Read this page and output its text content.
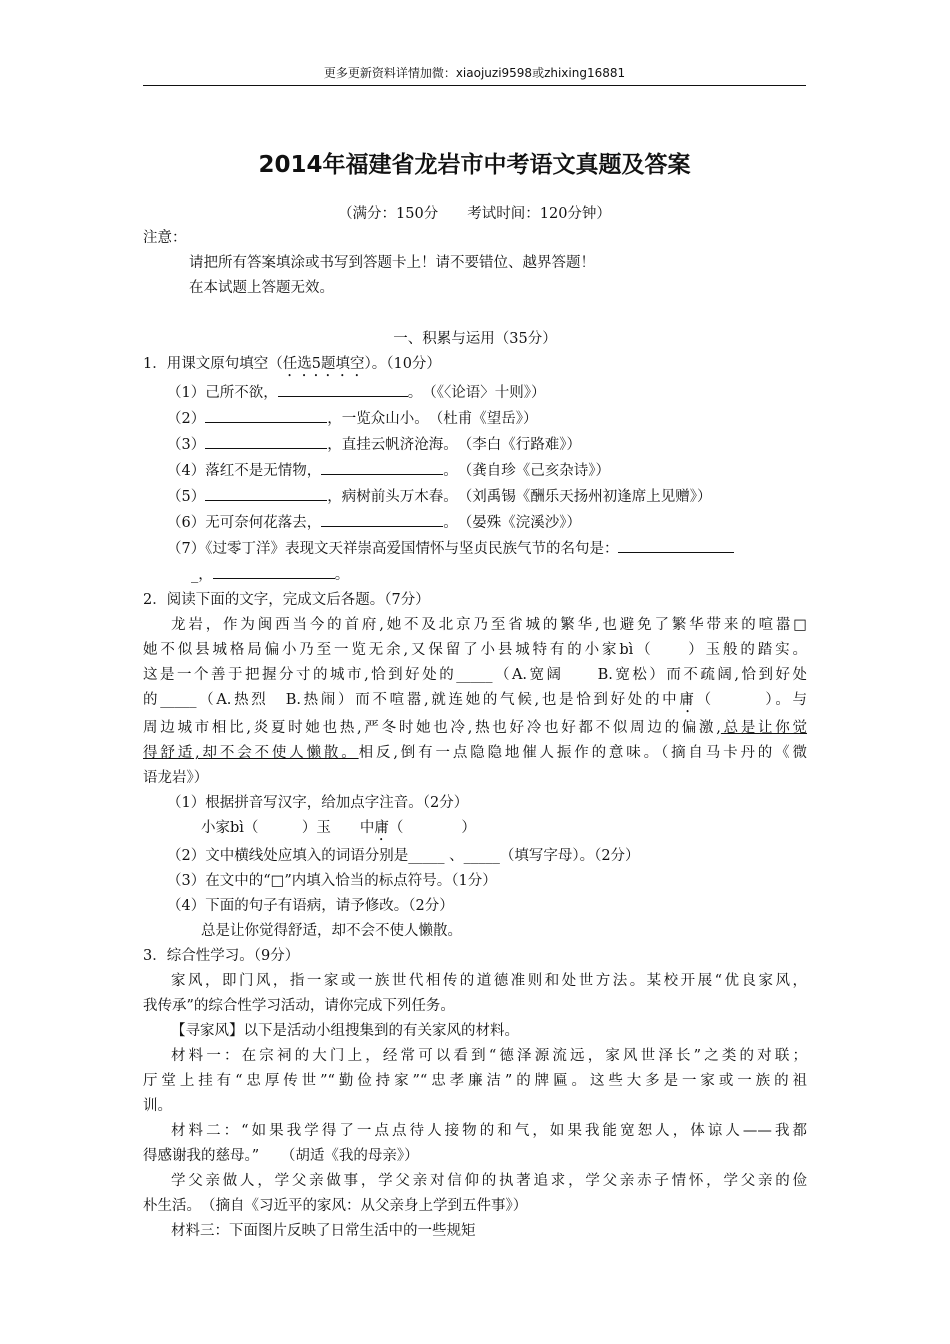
更多更新资料详情加微：xiaojuzi9598或zhixing16881
2014年福建省龙岩市中考语文真题及答案
（满分：150分　　考试时间：120分钟）

注意：

请把所有答案填涂或书写到答题卡上！请不要错位、越界答题！

在本试题上答题无效。

一、积累与运用（35分）

1．用课文原句填空（任选5题填空）。（10分）

（1）己所不欲，	。　（《〈论语〉十则》）

（2）	，一览众山小。　（杜甫《望岳》）

（3）	，直挂云帆济沧海。　（李白《行路难》）

（4）落红不是无情物，	。　（龚自珍《己亥杂诗》）

（5）	，病树前头万木春。　（刘禹锡《酬乐天扬州初逢席上见赠》）

（6）无可奈何花落去，	。　（晏殊《浣溪沙》）

（7）《过零丁洋》表现文天祥崇高爱国情怀与坚贞民族气节的名句是：

_，	。

2．阅读下面的文字，完成文后各题。（7分）

龙岩，作为闽西当今的首府,她不及北京乃至省城的繁华,也避免了繁华带来的喧嚣□

她不似县城格局偏小乃至一览无余,又保留了小县城特有的小家bì（　　）玉般的踏实。

这是一个善于把握分寸的城市,恰到好处的_____（A.宽阔　　B.宽松）而不疏阔,恰到好处

的_____（A.热烈　B.热闹）而不喧嚣,就连她的气候,也是恰到好处的中庸（　　　）。与

周边城市相比,炎夏时她也热,严冬时她也冷,热也好冷也好都不似周边的偏激,总是让你觉

得舒适,却不会不使人懒散。相反,倒有一点隐隐地催人振作的意味。（摘自马卡丹的《微

语龙岩》）

（1）根据拼音写汉字，给加点字注音。（2分）

小家bì（　　　）玉　　中庸（　　　　）

（2）文中横线处应填入的词语分别是_____ 、_____（填写字母）。（2分）

（3）在文中的“□”内填入恰当的标点符号。（1分）

（4）下面的句子有语病，请予修改。（2分）

总是让你觉得舒适，却不会不使人懒散。

3．综合性学习。（9分）

家风，即门风，指一家或一族世代相传的道德准则和处世方法。某校开展“优良家风，

我传承”的综合性学习活动，请你完成下列任务。

【寻家风】以下是活动小组搜集到的有关家风的材料。

材料一：在宗祠的大门上，经常可以看到“德泽源流远，家风世泽长”之类的对联；

厅堂上挂有“忠厚传世”“勤俭持家”“忠孝廉洁”的牌匾。这些大多是一家或一族的祖

训。

材料二：“如果我学得了一点点待人接物的和气，如果我能宽恕人，体谅人——我都

得感谢我的慈母。”　　（胡适《我的母亲》）

学父亲做人，学父亲做事，学父亲对信仰的执著追求，学父亲赤子情怀，学父亲的俭

朴生活。　（摘自《习近平的家风：从父亲身上学到五件事》）

材料三：下面图片反映了日常生活中的一些规矩
